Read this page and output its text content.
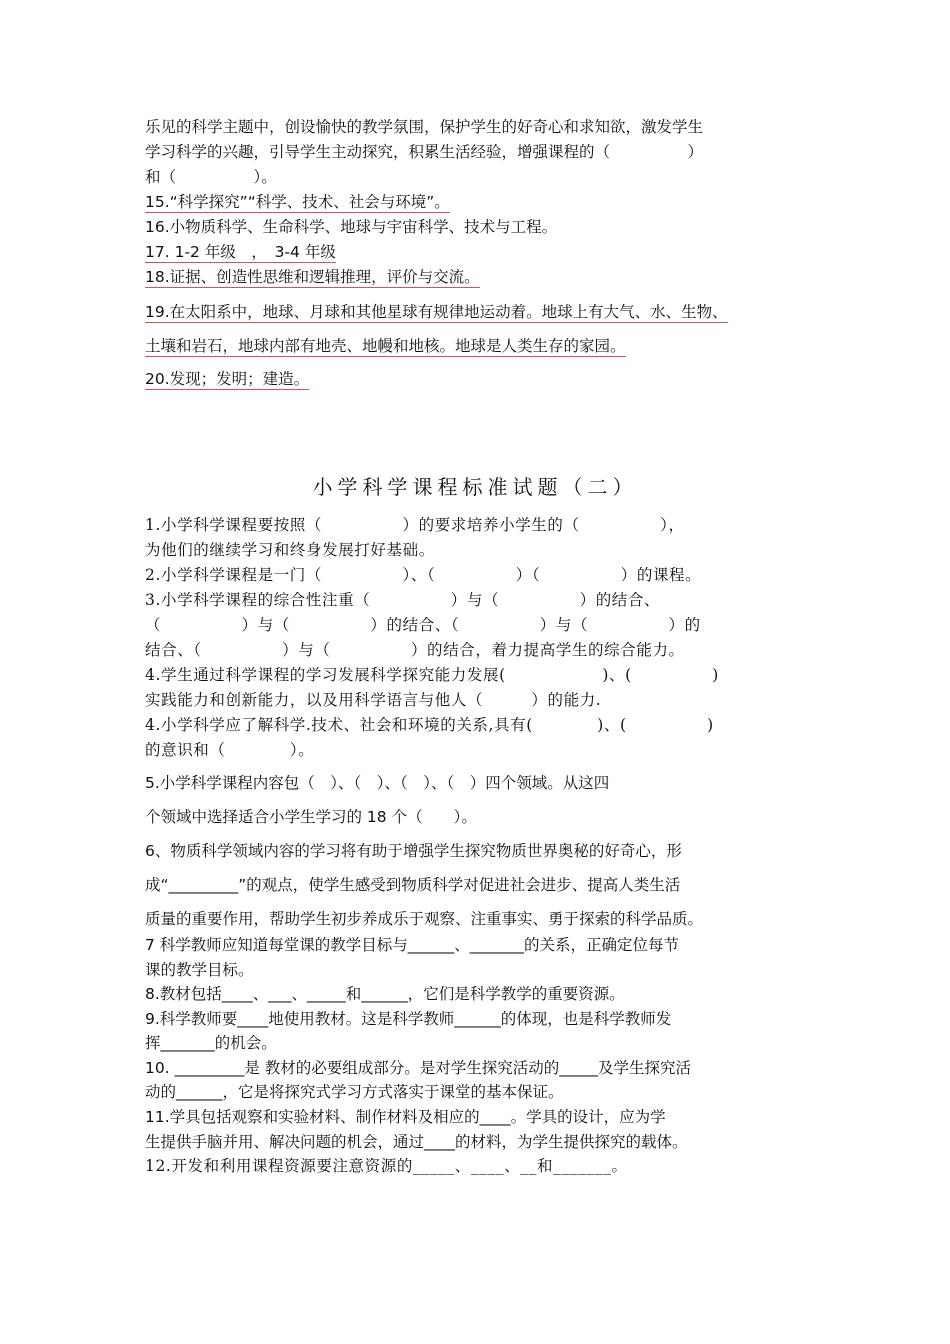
乐见的科学主题中，创设愉快的教学氛围，保护学生的好奇心和求知欲，激发学生

学习科学的兴趣，引导学生主动探究，积累生活经验，增强课程的（　　　　　）

和（　　　　　）。

15.“科学探究”“科学、技术、社会与环境”。

16.小物质科学、生命科学、地球与宇宙科学、技术与工程。

17. 1-2 年级　，　3-4 年级

18.证据、创造性思维和逻辑推理，评价与交流。

19.在太阳系中，地球、月球和其他星球有规律地运动着。地球上有大气、水、生物、

土壤和岩石，地球内部有地壳、地幔和地核。地球是人类生存的家园。

20.发现；发明；建造。

小学科学课程标准试题（二）

1.小学科学课程要按照（　　　　　）的要求培养小学生的（　　　　　），

为他们的继续学习和终身发展打好基础。

2.小学科学课程是一门（　　　　　）、（　　　　　）（　　　　　）的课程。

3.小学科学课程的综合性注重（　　　　　）与（　　　　　）的结合、

（　　　　　）与（　　　　　）的结合、（　　　　　）与（　　　　　）的

结合、（　　　　　）与（　　　　　）的结合，着力提高学生的综合能力。

4.学生通过科学课程的学习发展科学探究能力发展(　　　　　　)、(　　　　　)

实践能力和创新能力，以及用科学语言与他人（　　　）的能力.

4.小学科学应了解科学.技术、社会和环境的关系,具有(　　　　)、(　　　　　)

的意识和（　　　　）。

5.小学科学课程内容包（　）、（　）、（　）、（　）四个领域。从这四

个领域中选择适合小学生学习的 18 个（　　）。

6、物质科学领域内容的学习将有助于增强学生探究物质世界奥秘的好奇心，形

成“_________”的观点，使学生感受到物质科学对促进社会进步、提高人类生活

质量的重要作用，帮助学生初步养成乐于观察、注重事实、勇于探索的科学品质。

7 科学教师应知道每堂课的教学目标与______、_______的关系，正确定位每节

课的教学目标。

8.教材包括____、___、_____和______，它们是科学教学的重要资源。

9.科学教师要____地使用教材。这是科学教师______的体现，也是科学教师发

挥_______的机会。

10. _________是 教材的必要组成部分。是对学生探究活动的_____及学生探究活

动的______，它是将探究式学习方式落实于课堂的基本保证。

11.学具包括观察和实验材料、制作材料及相应的____。学具的设计，应为学

生提供手脑并用、解决问题的机会，通过____的材料，为学生提供探究的载体。

12.开发和利用课程资源要注意资源的_____、____、__和_______。
